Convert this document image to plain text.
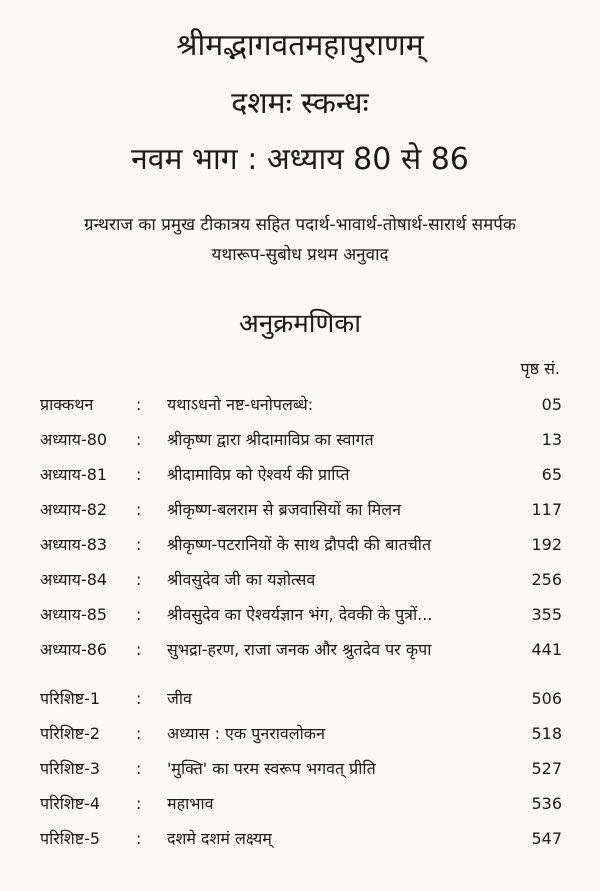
श्रीमद्भागवतमहापुराणम्
दशमः स्कन्धः
नवम भाग : अध्याय 80 से 86
ग्रन्थराज का प्रमुख टीकात्रय सहित पदार्थ-भावार्थ-तोषार्थ-सारार्थ समर्पक
यथारूप-सुबोध प्रथम अनुवाद
अनुक्रमणिका
पृष्ठ सं.
प्राक्कथन	: यथाऽधनो नष्ट-धनोपलब्धे:	05
अध्याय-80 : श्रीकृष्ण द्वारा श्रीदामाविप्र का स्वागत	13
अध्याय-81 : श्रीदामाविप्र को ऐश्वर्य की प्राप्ति	65
अध्याय-82 : श्रीकृष्ण-बलराम से ब्रजवासियों का मिलन	117
अध्याय-83 : श्रीकृष्ण-पटरानियों के साथ द्रौपदी की बातचीत	192
अध्याय-84 : श्रीवसुदेव जी का यज्ञोत्सव	256
अध्याय-85 : श्रीवसुदेव का ऐश्वर्यज्ञान भंग, देवकी के पुत्रों...	355
अध्याय-86 : सुभद्रा-हरण, राजा जनक और श्रुतदेव पर कृपा	441
परिशिष्ट-1 : जीव	506
परिशिष्ट-2 : अध्यास : एक पुनरावलोकन	518
परिशिष्ट-3 : 'मुक्ति' का परम स्वरूप भगवत् प्रीति	527
परिशिष्ट-4 : महाभाव	536
परिशिष्ट-5 : दशमे दशमं लक्ष्यम्	547
